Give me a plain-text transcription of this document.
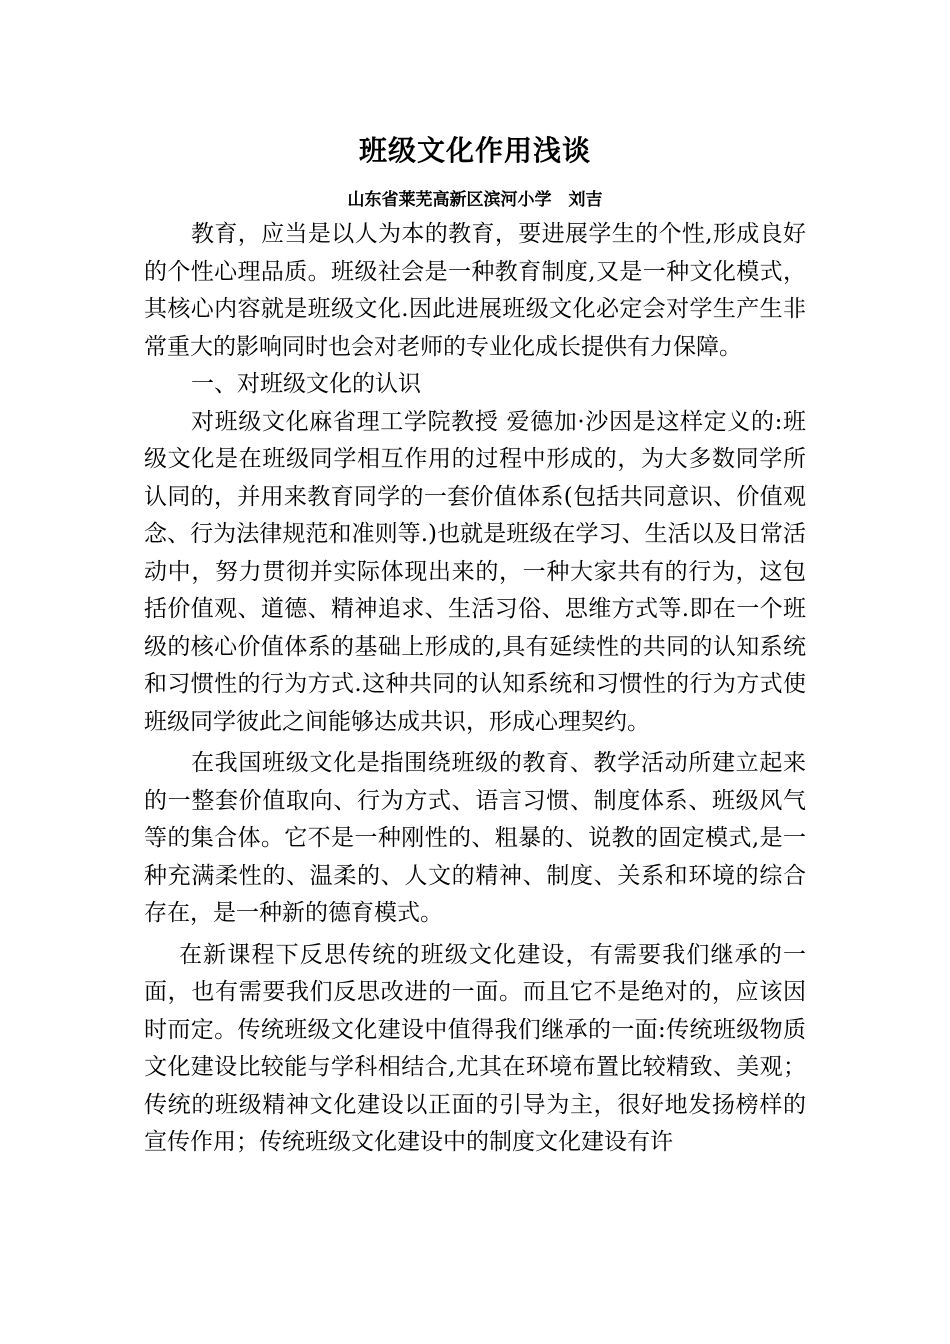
班级文化作用浅谈
山东省莱芜高新区滨河小学　刘吉

教育，应当是以人为本的教育，要进展学生的个性,形成良好的个性心理品质。班级社会是一种教育制度,又是一种文化模式，其核心内容就是班级文化.因此进展班级文化必定会对学生产生非常重大的影响同时也会对老师的专业化成长提供有力保障。

一、对班级文化的认识

对班级文化麻省理工学院教授 爱德加·沙因是这样定义的:班级文化是在班级同学相互作用的过程中形成的，为大多数同学所认同的，并用来教育同学的一套价值体系(包括共同意识、价值观念、行为法律规范和准则等.)也就是班级在学习、生活以及日常活动中，努力贯彻并实际体现出来的，一种大家共有的行为，这包括价值观、道德、精神追求、生活习俗、思维方式等.即在一个班级的核心价值体系的基础上形成的,具有延续性的共同的认知系统和习惯性的行为方式.这种共同的认知系统和习惯性的行为方式使班级同学彼此之间能够达成共识，形成心理契约。

在我国班级文化是指围绕班级的教育、教学活动所建立起来的一整套价值取向、行为方式、语言习惯、制度体系、班级风气等的集合体。它不是一种刚性的、粗暴的、说教的固定模式,是一种充满柔性的、温柔的、人文的精神、制度、关系和环境的综合存在，是一种新的德育模式。

在新课程下反思传统的班级文化建设，有需要我们继承的一面，也有需要我们反思改进的一面。而且它不是绝对的，应该因时而定。传统班级文化建设中值得我们继承的一面:传统班级物质文化建设比较能与学科相结合,尤其在环境布置比较精致、美观；传统的班级精神文化建设以正面的引导为主，很好地发扬榜样的宣传作用；传统班级文化建设中的制度文化建设有许
